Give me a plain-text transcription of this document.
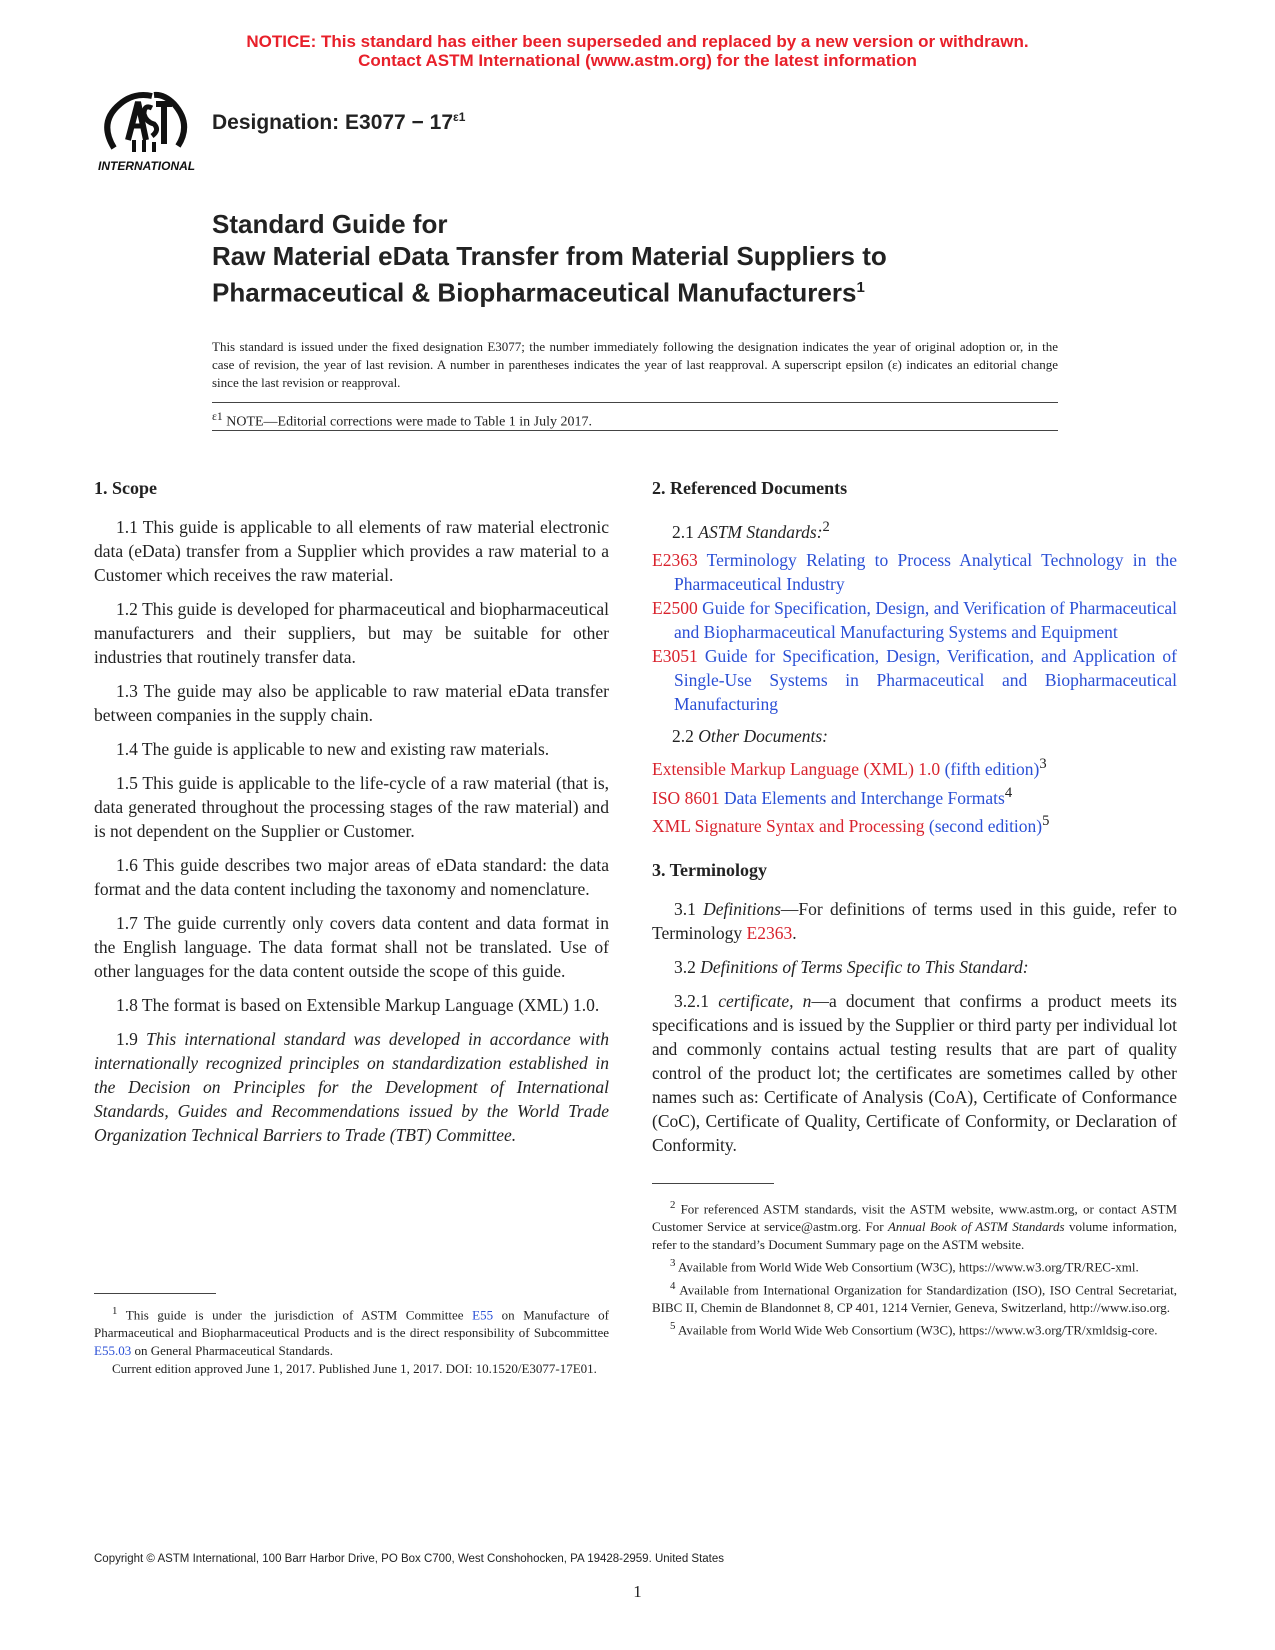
NOTICE: This standard has either been superseded and replaced by a new version or withdrawn.
Contact ASTM International (www.astm.org) for the latest information
INTERNATIONAL
Designation: $E3077 - 17^{\varepsilon 1}$
Standard Guide for
Raw Material eData Transfer from Material Suppliers to
Pharmaceutical & Biopharmaceutical Manufacturers$^1$
This standard is issued under the fixed designation E3077; the number immediately following the designation indicates the year of original adoption or, in the case of revision, the year of last revision. A number in parentheses indicates the year of last reapproval. A superscript epsilon (ε) indicates an editorial change since the last revision or reapproval.
$^{\varepsilon 1}$ NOTE—Editorial corrections were made to Table 1 in July 2017.
1. Scope

1.1 This guide is applicable to all elements of raw material electronic data (eData) transfer from a Supplier which provides a raw material to a Customer which receives the raw material.

1.2 This guide is developed for pharmaceutical and biopharmaceutical manufacturers and their suppliers, but may be suitable for other industries that routinely transfer data.

1.3 The guide may also be applicable to raw material eData transfer between companies in the supply chain.

1.4 The guide is applicable to new and existing raw materials.

1.5 This guide is applicable to the life-cycle of a raw material (that is, data generated throughout the processing stages of the raw material) and is not dependent on the Supplier or Customer.

1.6 This guide describes two major areas of eData standard: the data format and the data content including the taxonomy and nomenclature.

1.7 The guide currently only covers data content and data format in the English language. The data format shall not be translated. Use of other languages for the data content outside the scope of this guide.

1.8 The format is based on Extensible Markup Language (XML) 1.0.

1.9 This international standard was developed in accordance with internationally recognized principles on standardization established in the Decision on Principles for the Development of International Standards, Guides and Recommendations issued by the World Trade Organization Technical Barriers to Trade (TBT) Committee.

$^1$ This guide is under the jurisdiction of ASTM Committee E55 on Manufacture of Pharmaceutical and Biopharmaceutical Products and is the direct responsibility of Subcommittee E55.03 on General Pharmaceutical Standards.

Current edition approved June 1, 2017. Published June 1, 2017. DOI: 10.1520/E3077-17E01.

2. Referenced Documents
2.1 ASTM Standards:$^2$

E2363 Terminology Relating to Process Analytical Technology in the Pharmaceutical Industry

E2500 Guide for Specification, Design, and Verification of Pharmaceutical and Biopharmaceutical Manufacturing Systems and Equipment

E3051 Guide for Specification, Design, Verification, and Application of Single-Use Systems in Pharmaceutical and Biopharmaceutical Manufacturing

2.2 Other Documents:

Extensible Markup Language (XML) 1.0 (fifth edition)$^3$

ISO 8601 Data Elements and Interchange Formats$^4$

XML Signature Syntax and Processing (second edition)$^5$

3. Terminology

3.1 Definitions—For definitions of terms used in this guide, refer to Terminology E2363.

3.2 Definitions of Terms Specific to This Standard:

3.2.1 certificate, n—a document that confirms a product meets its specifications and is issued by the Supplier or third party per individual lot and commonly contains actual testing results that are part of quality control of the product lot; the certificates are sometimes called by other names such as: Certificate of Analysis (CoA), Certificate of Conformance (CoC), Certificate of Quality, Certificate of Conformity, or Declaration of Conformity.

$^2$ For referenced ASTM standards, visit the ASTM website, www.astm.org, or contact ASTM Customer Service at service@astm.org. For Annual Book of ASTM Standards volume information, refer to the standard’s Document Summary page on the ASTM website.

$^3$ Available from World Wide Web Consortium (W3C), https://www.w3.org/TR/REC-xml.

$^4$ Available from International Organization for Standardization (ISO), ISO Central Secretariat, BIBC II, Chemin de Blandonnet 8, CP 401, 1214 Vernier, Geneva, Switzerland, http://www.iso.org.

$^5$ Available from World Wide Web Consortium (W3C), https://www.w3.org/TR/xmldsig-core.

Copyright © ASTM International, 100 Barr Harbor Drive, PO Box C700, West Conshohocken, PA 19428-2959. United States
1
